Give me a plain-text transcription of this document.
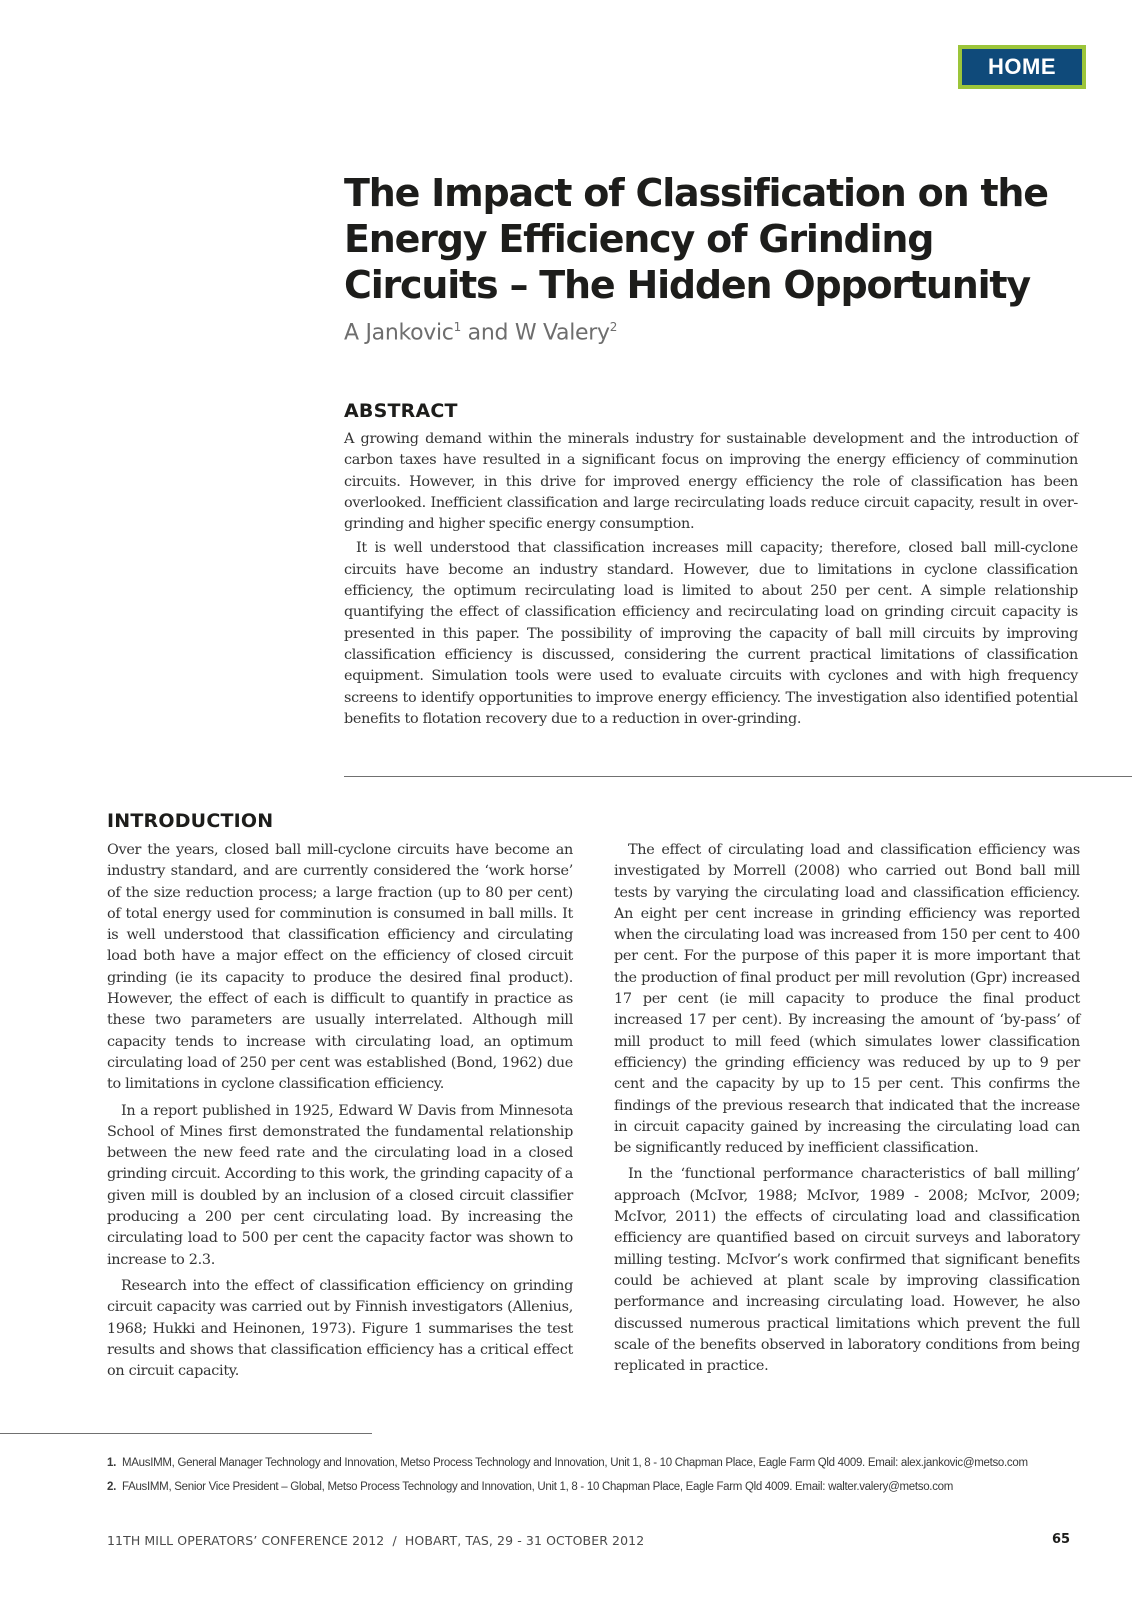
HOME
The Impact of Classification on the Energy Efficiency of Grinding Circuits – The Hidden Opportunity
A Jankovic$^1$ and W Valery$^2$
ABSTRACT

A growing demand within the minerals industry for sustainable development and the introduction of carbon taxes have resulted in a significant focus on improving the energy efficiency of comminution circuits. However, in this drive for improved energy efficiency the role of classification has been overlooked. Inefficient classification and large recirculating loads reduce circuit capacity, result in over-grinding and higher specific energy consumption.

It is well understood that classification increases mill capacity; therefore, closed ball mill-cyclone circuits have become an industry standard. However, due to limitations in cyclone classification efficiency, the optimum recirculating load is limited to about 250 per cent. A simple relationship quantifying the effect of classification efficiency and recirculating load on grinding circuit capacity is presented in this paper. The possibility of improving the capacity of ball mill circuits by improving classification efficiency is discussed, considering the current practical limitations of classification equipment. Simulation tools were used to evaluate circuits with cyclones and with high frequency screens to identify opportunities to improve energy efficiency. The investigation also identified potential benefits to flotation recovery due to a reduction in over-grinding.

INTRODUCTION

Over the years, closed ball mill-cyclone circuits have become an industry standard, and are currently considered the ‘work horse’ of the size reduction process; a large fraction (up to 80 per cent) of total energy used for comminution is consumed in ball mills. It is well understood that classification efficiency and circulating load both have a major effect on the efficiency of closed circuit grinding (ie its capacity to produce the desired final product). However, the effect of each is difficult to quantify in practice as these two parameters are usually interrelated. Although mill capacity tends to increase with circulating load, an optimum circulating load of 250 per cent was established (Bond, 1962) due to limitations in cyclone classification efficiency.

In a report published in 1925, Edward W Davis from Minnesota School of Mines first demonstrated the fundamental relationship between the new feed rate and the circulating load in a closed grinding circuit. According to this work, the grinding capacity of a given mill is doubled by an inclusion of a closed circuit classifier producing a 200 per cent circulating load. By increasing the circulating load to 500 per cent the capacity factor was shown to increase to 2.3.

Research into the effect of classification efficiency on grinding circuit capacity was carried out by Finnish investigators (Allenius, 1968; Hukki and Heinonen, 1973). Figure 1 summarises the test results and shows that classification efficiency has a critical effect on circuit capacity.

The effect of circulating load and classification efficiency was investigated by Morrell (2008) who carried out Bond ball mill tests by varying the circulating load and classification efficiency. An eight per cent increase in grinding efficiency was reported when the circulating load was increased from 150 per cent to 400 per cent. For the purpose of this paper it is more important that the production of final product per mill revolution (Gpr) increased 17 per cent (ie mill capacity to produce the final product increased 17 per cent). By increasing the amount of ‘by-pass’ of mill product to mill feed (which simulates lower classification efficiency) the grinding efficiency was reduced by up to 9 per cent and the capacity by up to 15 per cent. This confirms the findings of the previous research that indicated that the increase in circuit capacity gained by increasing the circulating load can be significantly reduced by inefficient classification.

In the ‘functional performance characteristics of ball milling’ approach (McIvor, 1988; McIvor, 1989 - 2008; McIvor, 2009; McIvor, 2011) the effects of circulating load and classification efficiency are quantified based on circuit surveys and laboratory milling testing. McIvor’s work confirmed that significant benefits could be achieved at plant scale by improving classification performance and increasing circulating load. However, he also discussed numerous practical limitations which prevent the full scale of the benefits observed in laboratory conditions from being replicated in practice.

1. MAusIMM, General Manager Technology and Innovation, Metso Process Technology and Innovation, Unit 1, 8 - 10 Chapman Place, Eagle Farm Qld 4009. Email: alex.jankovic@metso.com
2. FAusIMM, Senior Vice President – Global, Metso Process Technology and Innovation, Unit 1, 8 - 10 Chapman Place, Eagle Farm Qld 4009. Email: walter.valery@metso.com
11TH MILL OPERATORS’ CONFERENCE 2012  /  HOBART, TAS, 29 - 31 OCTOBER 2012	65
